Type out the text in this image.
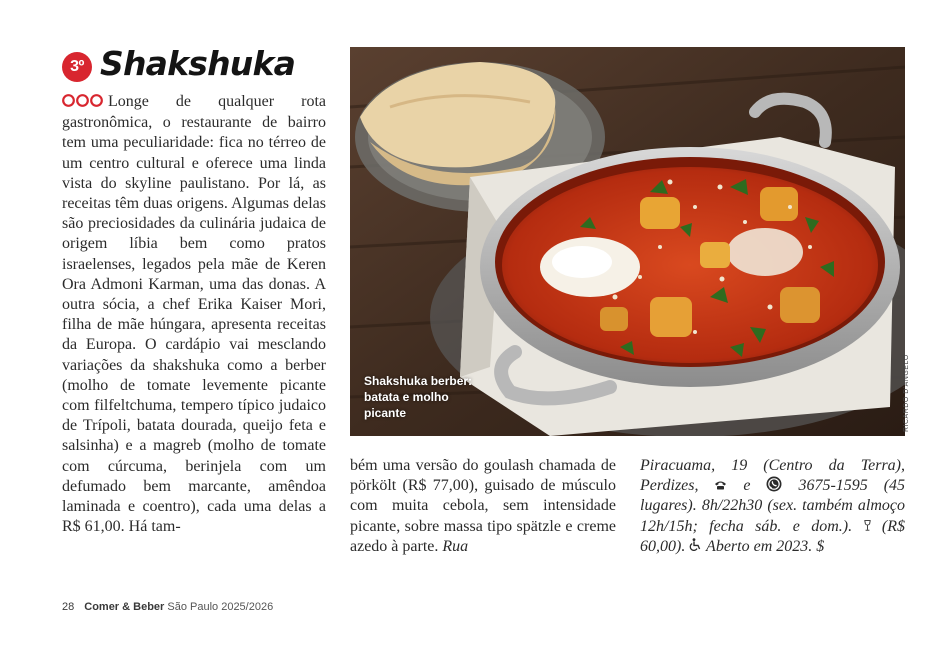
3º Shakshuka

Longe de qualquer rota gastronômica, o restaurante de bairro tem uma peculiaridade: fica no térreo de um centro cultural e oferece uma linda vista do skyline paulistano. Por lá, as receitas têm duas origens. Algumas delas são preciosidades da culinária judaica de origem líbia bem como pratos israelenses, legados pela mãe de Keren Ora Admoni Karman, uma das donas. A outra sócia, a chef Erika Kaiser Mori, filha de mãe húngara, apresenta receitas da Europa. O cardápio vai mesclando variações da shakshuka como a berber (molho de tomate levemente picante com filfeltchuma, tempero típico judaico de Trípoli, batata dourada, queijo feta e salsinha) e a magreb (molho de tomate com cúrcuma, berinjela com um defumado bem marcante, amêndoa laminada e coentro), cada uma delas a R$ 61,00. Há tam-

bém uma versão do goulash chamada de pörkölt (R$ 77,00), guisado de músculo com muita cebola, sem intensidade picante, sobre massa tipo spätzle e creme azedo à parte. Rua

Piracuama, 19 (Centro da Terra), Perdizes,	e	3675-1595 (45 lugares). 8h/22h30 (sex. também almoço 12h/15h; fecha sáb. e dom.). (R$ 60,00). Aberto em 2023. $

Shakshuka berber: batata e molho picante	RICARDO D'ANGELO
28 Comer & Beber São Paulo 2025/2026
